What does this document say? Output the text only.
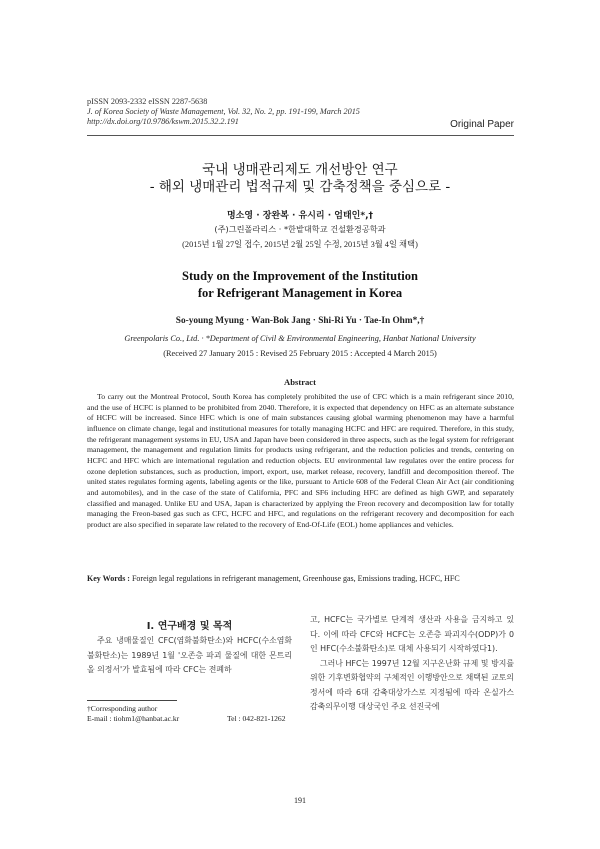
pISSN 2093-2332 eISSN 2287-5638
J. of Korea Society of Waste Management, Vol. 32, No. 2, pp. 191-199, March 2015
http://dx.doi.org/10.9786/kswm.2015.32.2.191	Original Paper
국내 냉매관리제도 개선방안 연구
- 해외 냉매관리 법적규제 및 감축정책을 중심으로 -
명소영 · 장완복 · 유시리 · 엄태인*,†
(주)그린폴라리스 · *한밭대학교 건설환경공학과
(2015년 1월 27일 접수, 2015년 2월 25일 수정, 2015년 3월 4일 채택)
Study on the Improvement of the Institution
for Refrigerant Management in Korea
So-young Myung · Wan-Bok Jang · Shi-Ri Yu · Tae-In Ohm*,†
Greenpolaris Co., Ltd. · *Department of Civil & Environmental Engineering, Hanbat National University
(Received 27 January 2015 : Revised 25 February 2015 : Accepted 4 March 2015)
Abstract

To carry out the Montreal Protocol, South Korea has completely prohibited the use of CFC which is a main refrigerant since 2010, and the use of HCFC is planned to be prohibited from 2040. Therefore, it is expected that dependency on HFC as an alternate substance of HCFC will be increased. Since HFC which is one of main substances causing global warming phenomenon may have a harmful influence on climate change, legal and institutional measures for totally managing HCFC and HFC are required. Therefore, in this study, the refrigerant management systems in EU, USA and Japan have been considered in three aspects, such as the legal system for refrigerant management, the management and regulation limits for products using refrigerant, and the reduction policies and trends, centering on HCFC and HFC which are international regulation and reduction objects. EU environmental law regulates over the entire process for ozone depletion substances, such as production, import, export, use, market release, recovery, landfill and decomposition thereof. The united states regulates forming agents, labeling agents or the like, pursuant to Article 608 of the Federal Clean Air Act (air conditioning and automobiles), and in the case of the state of California, PFC and SF6 including HFC are defined as high GWP, and separately classified and managed. Unlike EU and USA, Japan is characterized by applying the Freon recovery and decomposition law for totally managing the Freon-based gas such as CFC, HCFC and HFC, and regulations on the refrigerant recovery and decomposition for each product are also specified in separate law related to the recovery of End-Of-Life (EOL) home appliances and vehicles.

Key Words : Foreign legal regulations in refrigerant management, Greenhouse gas, Emissions trading, HCFC, HFC
I. 연구배경 및 목적

주요 냉매물질인 CFC(염화불화탄소)와 HCFC(수소염화불화탄소)는 1989년 1월 '오존층 파괴 물질에 대한 몬트리올 의정서'가 발효됨에 따라 CFC는 전폐하

고, HCFC는 국가별로 단계적 생산과 사용을 금지하고 있다. 이에 따라 CFC와 HCFC는 오존층 파괴지수(ODP)가 0인 HFC(수소불화탄소)로 대체 사용되기 시작하였다1).

그러나 HFC는 1997년 12월 지구온난화 규제 및 방지를 위한 기후변화협약의 구체적인 이행방안으로 채택된 교토의정서에 따라 6대 감축대상가스로 지정됨에 따라 온실가스 감축의무이행 대상국인 주요 선진국에

†Corresponding author
E-mail : tiohm1@hanbat.ac.kr	Tel : 042-821-1262
191
